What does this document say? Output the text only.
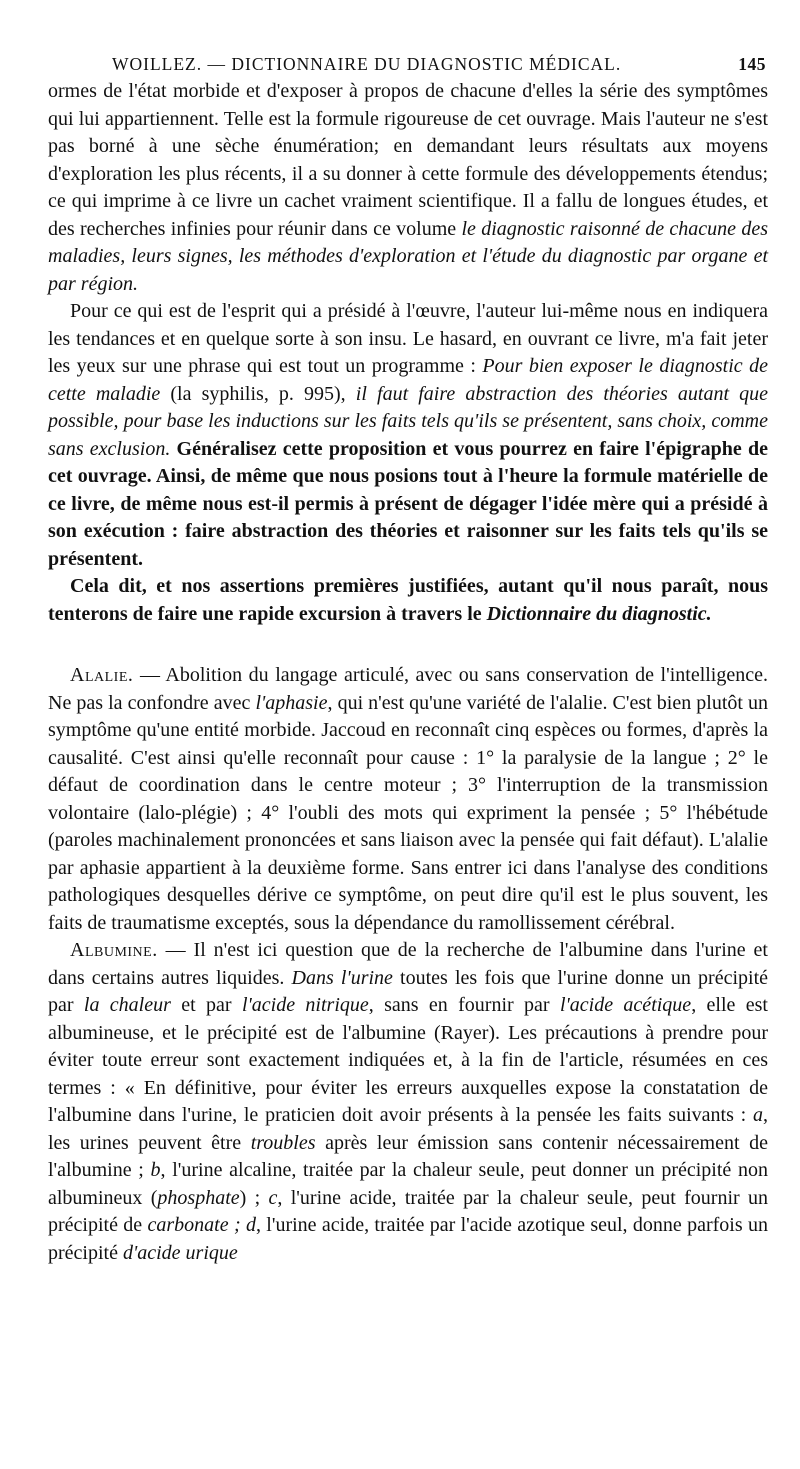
WOILLEZ. — DICTIONNAIRE DU DIAGNOSTIC MÉDICAL.	145

ormes de l'état morbide et d'exposer à propos de chacune d'elles la série des symptômes qui lui appartiennent. Telle est la formule rigoureuse de cet ouvrage. Mais l'auteur ne s'est pas borné à une sèche énumération; en demandant leurs résultats aux moyens d'exploration les plus récents, il a su donner à cette formule des développements étendus; ce qui imprime à ce livre un cachet vraiment scientifique. Il a fallu de longues études, et des recherches infinies pour réunir dans ce volume le diagnostic raisonné de chacune des maladies, leurs signes, les méthodes d'exploration et l'étude du diagnostic par organe et par région.

Pour ce qui est de l'esprit qui a présidé à l'œuvre, l'auteur lui-même nous en indiquera les tendances et en quelque sorte à son insu. Le hasard, en ouvrant ce livre, m'a fait jeter les yeux sur une phrase qui est tout un programme : Pour bien exposer le diagnostic de cette maladie (la syphilis, p. 995), il faut faire abstraction des théories autant que possible, pour base les inductions sur les faits tels qu'ils se présentent, sans choix, comme sans exclusion. Généralisez cette proposition et vous pourrez en faire l'épigraphe de cet ouvrage. Ainsi, de même que nous posions tout à l'heure la formule matérielle de ce livre, de même nous est-il permis à présent de dégager l'idée mère qui a présidé à son exécution : faire abstraction des théories et raisonner sur les faits tels qu'ils se présentent.

Cela dit, et nos assertions premières justifiées, autant qu'il nous paraît, nous tenterons de faire une rapide excursion à travers le Dictionnaire du diagnostic.

Alalie. — Abolition du langage articulé, avec ou sans conservation de l'intelligence. Ne pas la confondre avec l'aphasie, qui n'est qu'une variété de l'alalie. C'est bien plutôt un symptôme qu'une entité morbide. Jaccoud en reconnaît cinq espèces ou formes, d'après la causalité. C'est ainsi qu'elle reconnaît pour cause : 1° la paralysie de la langue ; 2° le défaut de coordination dans le centre moteur ; 3° l'interruption de la transmission volontaire (lalo-plégie) ; 4° l'oubli des mots qui expriment la pensée ; 5° l'hébétude (paroles machinalement prononcées et sans liaison avec la pensée qui fait défaut). L'alalie par aphasie appartient à la deuxième forme. Sans entrer ici dans l'analyse des conditions pathologiques desquelles dérive ce symptôme, on peut dire qu'il est le plus souvent, les faits de traumatisme exceptés, sous la dépendance du ramollissement cérébral.

Albumine. — Il n'est ici question que de la recherche de l'albumine dans l'urine et dans certains autres liquides. Dans l'urine toutes les fois que l'urine donne un précipité par la chaleur et par l'acide nitrique, sans en fournir par l'acide acétique, elle est albumineuse, et le précipité est de l'albumine (Rayer). Les précautions à prendre pour éviter toute erreur sont exactement indiquées et, à la fin de l'article, résumées en ces termes : « En définitive, pour éviter les erreurs auxquelles expose la constatation de l'albumine dans l'urine, le praticien doit avoir présents à la pensée les faits suivants : a, les urines peuvent être troubles après leur émission sans contenir nécessairement de l'albumine ; b, l'urine alcaline, traitée par la chaleur seule, peut donner un précipité non albumineux (phosphate) ; c, l'urine acide, traitée par la chaleur seule, peut fournir un précipité de carbonate ; d, l'urine acide, traitée par l'acide azotique seul, donne parfois un précipité d'acide urique
